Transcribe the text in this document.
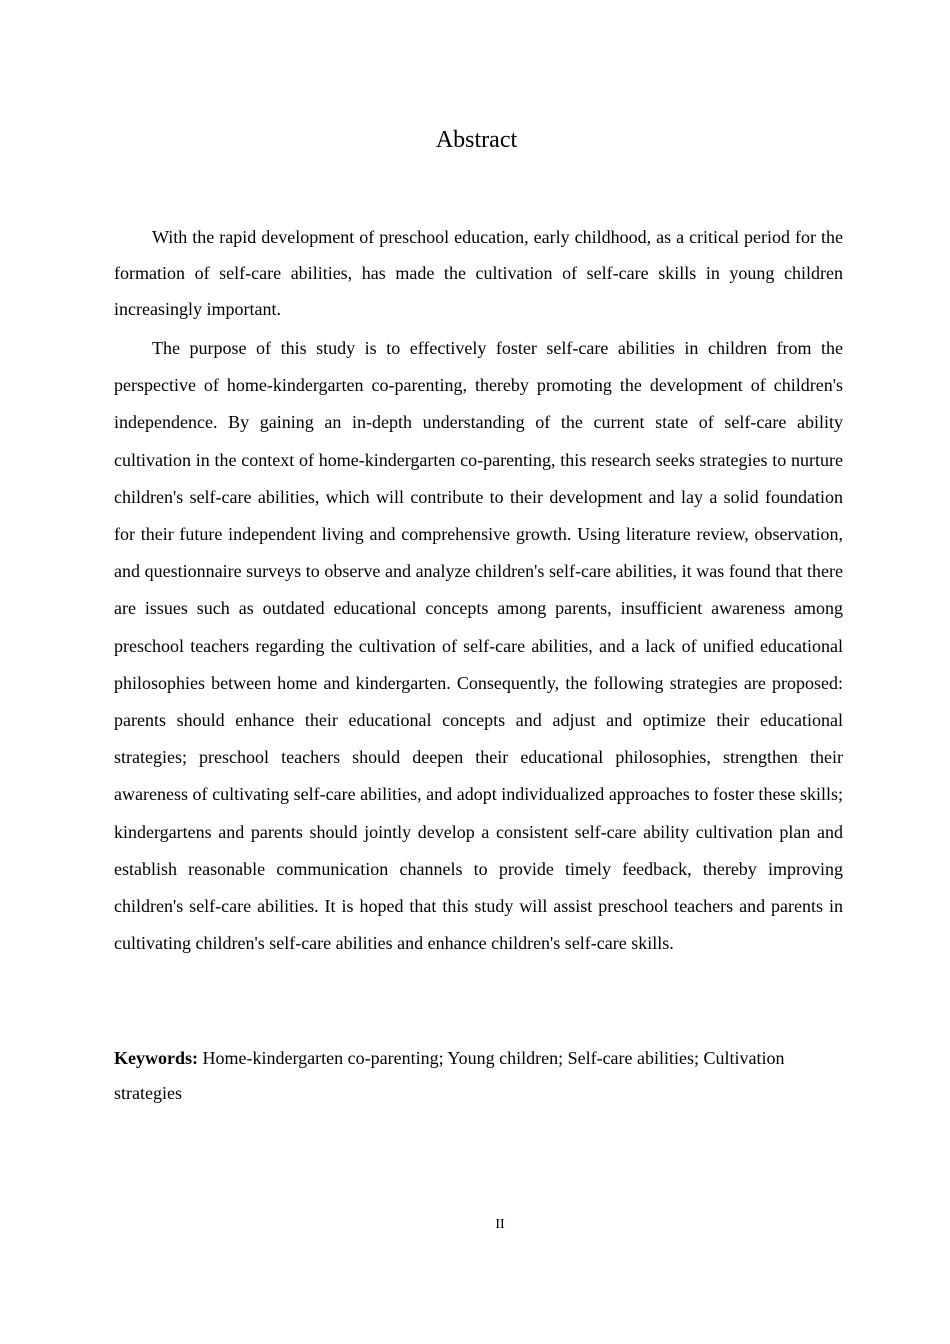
Abstract

With the rapid development of preschool education, early childhood, as a critical period for the formation of self-care abilities, has made the cultivation of self-care skills in young children increasingly important.

The purpose of this study is to effectively foster self-care abilities in children from the perspective of home-kindergarten co-parenting, thereby promoting the development of children's independence. By gaining an in-depth understanding of the current state of self-care ability cultivation in the context of home-kindergarten co-parenting, this research seeks strategies to nurture children's self-care abilities, which will contribute to their development and lay a solid foundation for their future independent living and comprehensive growth. Using literature review, observation, and questionnaire surveys to observe and analyze children's self-care abilities, it was found that there are issues such as outdated educational concepts among parents, insufficient awareness among preschool teachers regarding the cultivation of self-care abilities, and a lack of unified educational philosophies between home and kindergarten. Consequently, the following strategies are proposed: parents should enhance their educational concepts and adjust and optimize their educational strategies; preschool teachers should deepen their educational philosophies, strengthen their awareness of cultivating self-care abilities, and adopt individualized approaches to foster these skills; kindergartens and parents should jointly develop a consistent self-care ability cultivation plan and establish reasonable communication channels to provide timely feedback, thereby improving children's self-care abilities. It is hoped that this study will assist preschool teachers and parents in cultivating children's self-care abilities and enhance children's self-care skills.

Keywords: Home-kindergarten co-parenting; Young children; Self-care abilities; Cultivation strategies

II
